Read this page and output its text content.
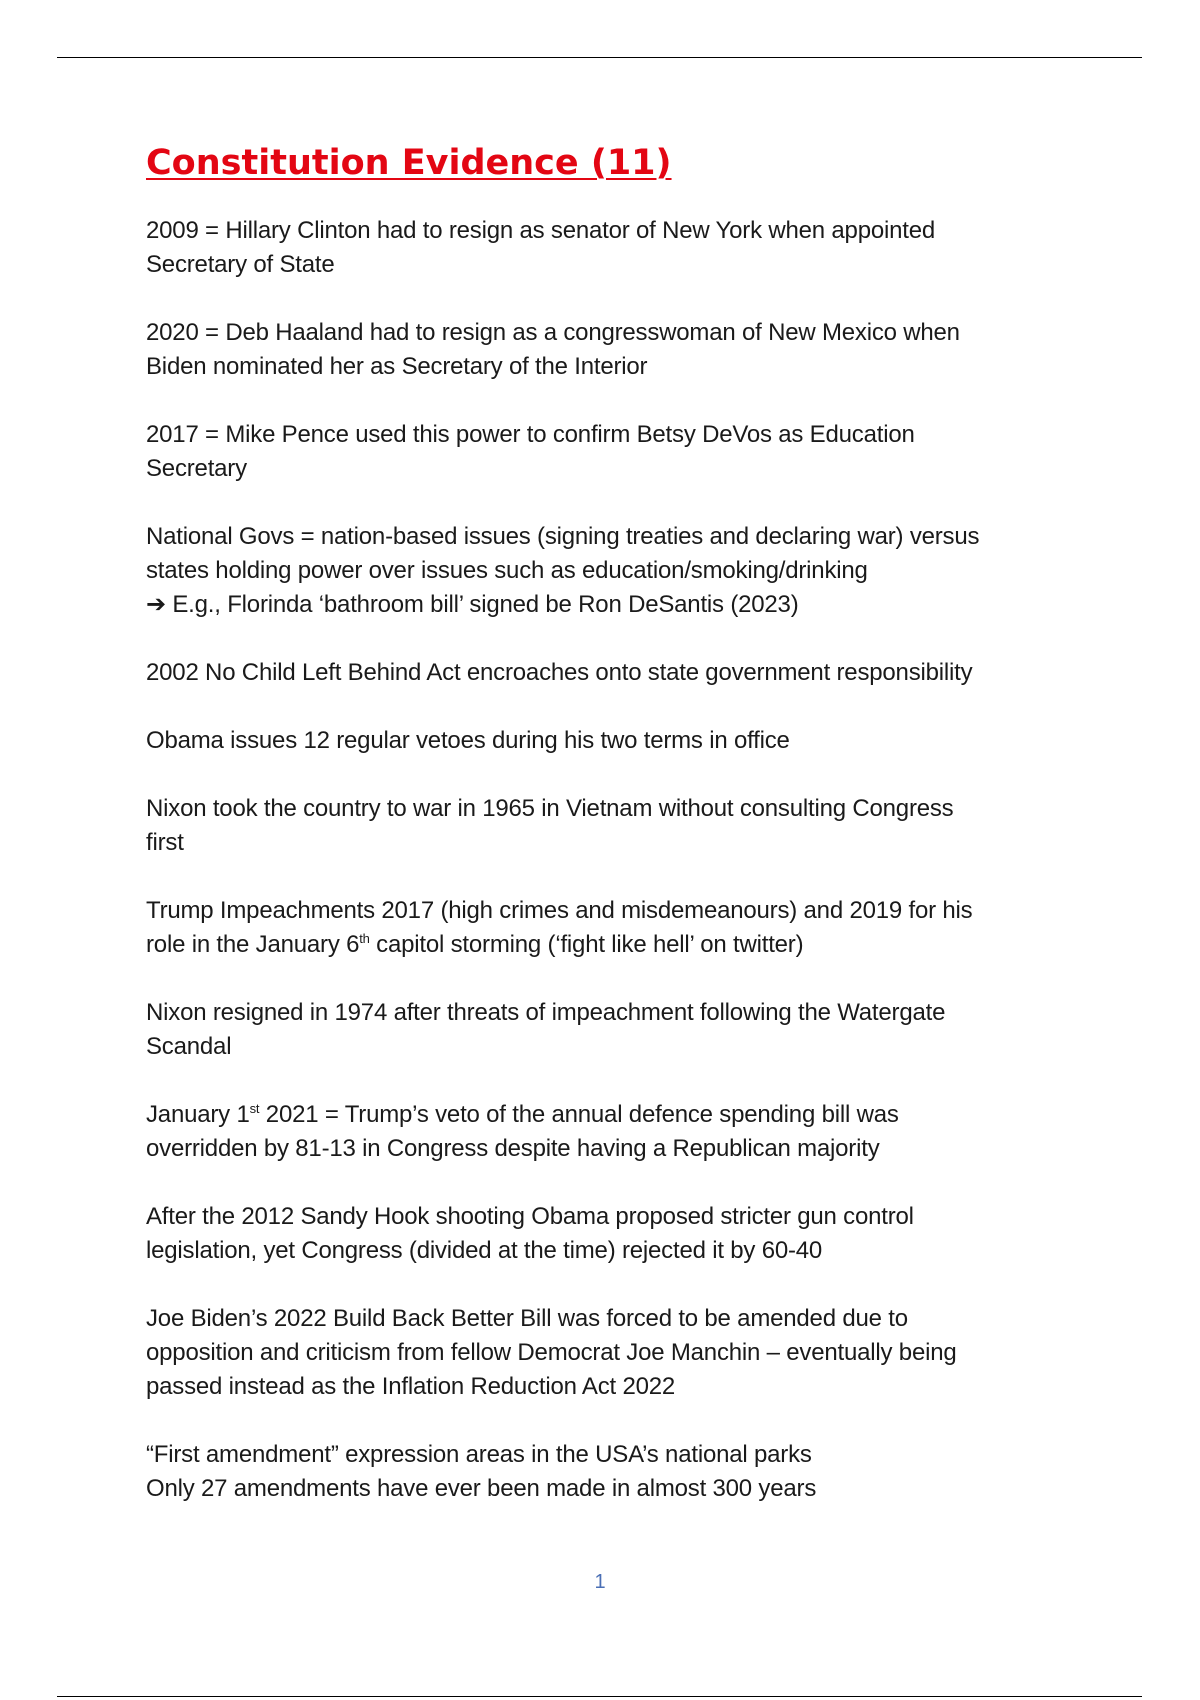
Constitution Evidence (11)
2009 = Hillary Clinton had to resign as senator of New York when appointed
Secretary of State
2020 = Deb Haaland had to resign as a congresswoman of New Mexico when
Biden nominated her as Secretary of the Interior
2017 = Mike Pence used this power to confirm Betsy DeVos as Education
Secretary
National Govs = nation-based issues (signing treaties and declaring war) versus
states holding power over issues such as education/smoking/drinking
➔ E.g., Florinda ‘bathroom bill’ signed be Ron DeSantis (2023)
2002 No Child Left Behind Act encroaches onto state government responsibility
Obama issues 12 regular vetoes during his two terms in office
Nixon took the country to war in 1965 in Vietnam without consulting Congress
first
Trump Impeachments 2017 (high crimes and misdemeanours) and 2019 for his
role in the January 6th capitol storming (‘fight like hell’ on twitter)
Nixon resigned in 1974 after threats of impeachment following the Watergate
Scandal
January 1st 2021 = Trump’s veto of the annual defence spending bill was
overridden by 81-13 in Congress despite having a Republican majority
After the 2012 Sandy Hook shooting Obama proposed stricter gun control
legislation, yet Congress (divided at the time) rejected it by 60-40
Joe Biden’s 2022 Build Back Better Bill was forced to be amended due to
opposition and criticism from fellow Democrat Joe Manchin – eventually being
passed instead as the Inflation Reduction Act 2022
“First amendment” expression areas in the USA’s national parks
Only 27 amendments have ever been made in almost 300 years
1
